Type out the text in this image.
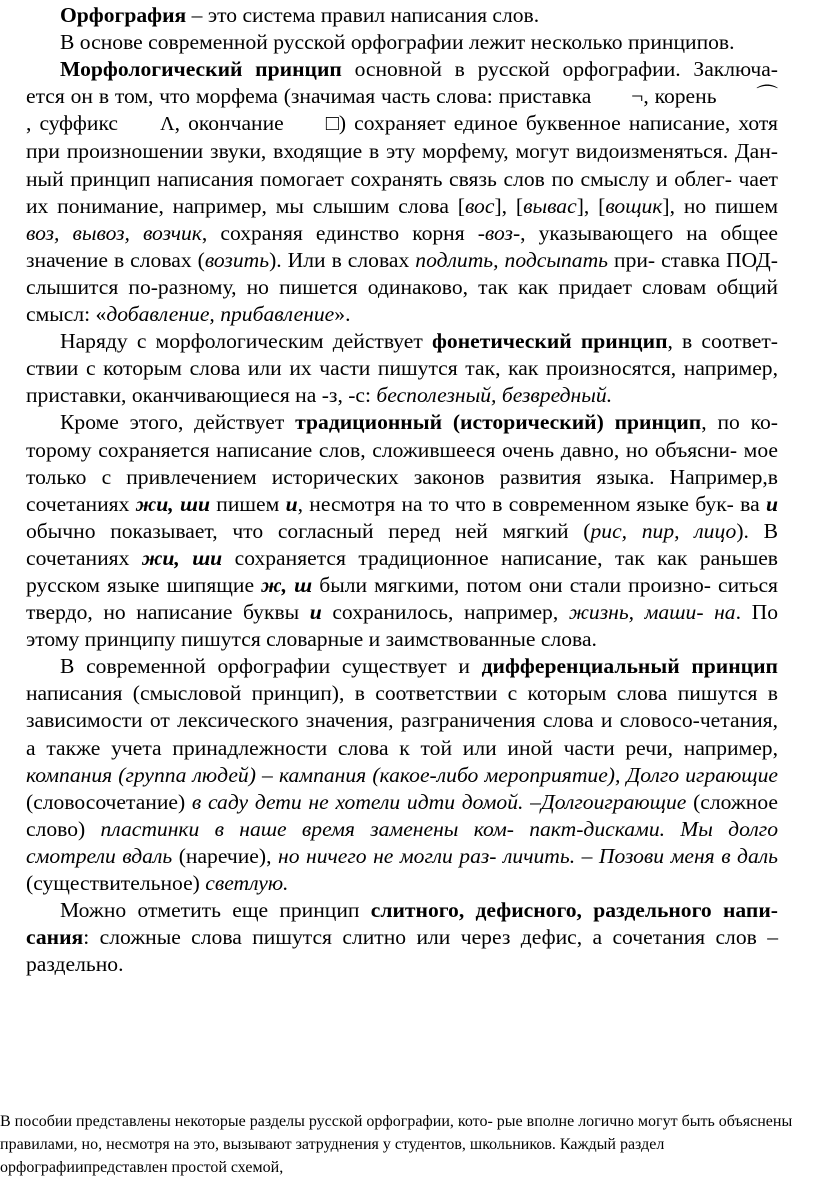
Орфография – это система правил написания слов.

В основе современной русской орфографии лежит несколько принципов.

Морфологический принцип основной в русской орфографии. Заключа- ется он в том, что морфема (значимая часть слова: приставка ¬, корень ⌒, суффикс Λ, окончание □) сохраняет единое буквенное написание, хотя при произношении звуки, входящие в эту морфему, могут видоизменяться. Дан- ный принцип написания помогает сохранять связь слов по смыслу и облег- чает их понимание, например, мы слышим слова [вос], [вывас], [вощик], но пишем воз, вывоз, возчик, сохраняя единство корня -воз-, указывающего на общее значение в словах (возить). Или в словах подлить, подсыпать при- ставка ПОД- слышится по-разному, но пишется одинаково, так как придает словам общий смысл: «добавление, прибавление».

Наряду с морфологическим действует фонетический принцип, в соответ- ствии с которым слова или их части пишутся так, как произносятся, например, приставки, оканчивающиеся на -з, -с: бесполезный, безвредный.

Кроме этого, действует традиционный (исторический) принцип, по ко- торому сохраняется написание слов, сложившееся очень давно, но объясни- мое только с привлечением исторических законов развития языка. Например,в сочетаниях жи, ши пишем и, несмотря на то что в современном языке бук- ва и обычно показывает, что согласный перед ней мягкий (рис, пир, лицо). В сочетаниях жи, ши сохраняется традиционное написание, так как раньшев русском языке шипящие ж, ш были мягкими, потом они стали произно- ситься твердо, но написание буквы и сохранилось, например, жизнь, маши- на. По этому принципу пишутся словарные и заимствованные слова.

В современной орфографии существует и дифференциальный принцип написания (смысловой принцип), в соответствии с которым слова пишутся в зависимости от лексического значения, разграничения слова и словосо-четания, а также учета принадлежности слова к той или иной части речи, например, компания (группа людей) – кампания (какое-либо мероприятие), Долго играющие (словосочетание) в саду дети не хотели идти домой. –Долгоиграющие (сложное слово) пластинки в наше время заменены ком- пакт-дисками. Мы долго смотрели вдаль (наречие), но ничего не могли раз- личить. – Позови меня в даль (существительное) светлую.

Можно отметить еще принцип слитного, дефисного, раздельного напи- сания: сложные слова пишутся слитно или через дефис, а сочетания слов – раздельно.

В пособии представлены некоторые разделы русской орфографии, кото- рые вполне логично могут быть объяснены правилами, но, несмотря на это, вызывают затруднения у студентов, школьников. Каждый раздел орфографиипредставлен простой схемой,
